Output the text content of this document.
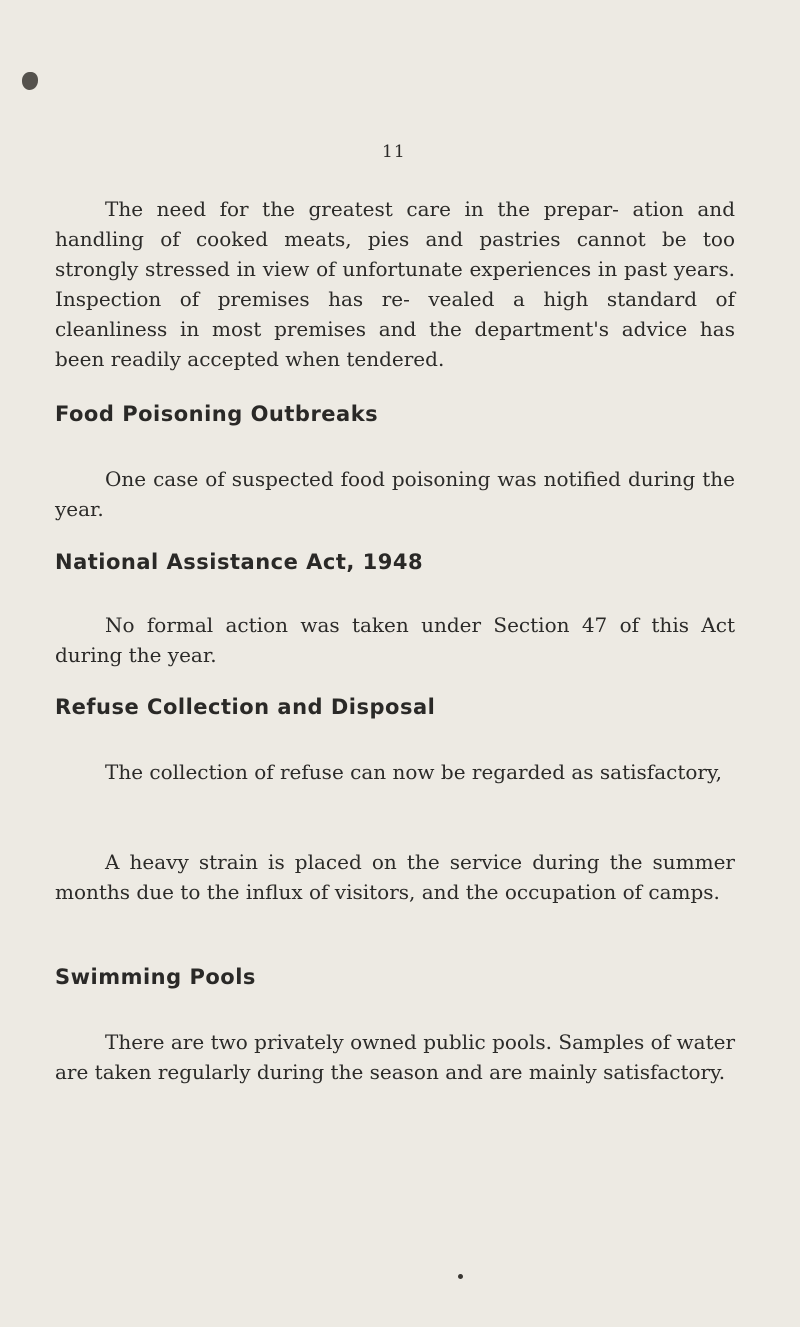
11

The need for the greatest care in the prepar- ation and handling of cooked meats, pies and pastries cannot be too strongly stressed in view of unfortunate experiences in past years. Inspection of premises has re- vealed a high standard of cleanliness in most premises and the department's advice has been readily accepted when tendered.

Food Poisoning Outbreaks

One case of suspected food poisoning was notified during the year.

National Assistance Act, 1948

No formal action was taken under Section 47 of this Act during the year.

Refuse Collection and Disposal

The collection of refuse can now be regarded as satisfactory,

A heavy strain is placed on the service during the summer months due to the influx of visitors, and the occupation of camps.

Swimming Pools

There are two privately owned public pools. Samples of water are taken regularly during the season and are mainly satisfactory.
